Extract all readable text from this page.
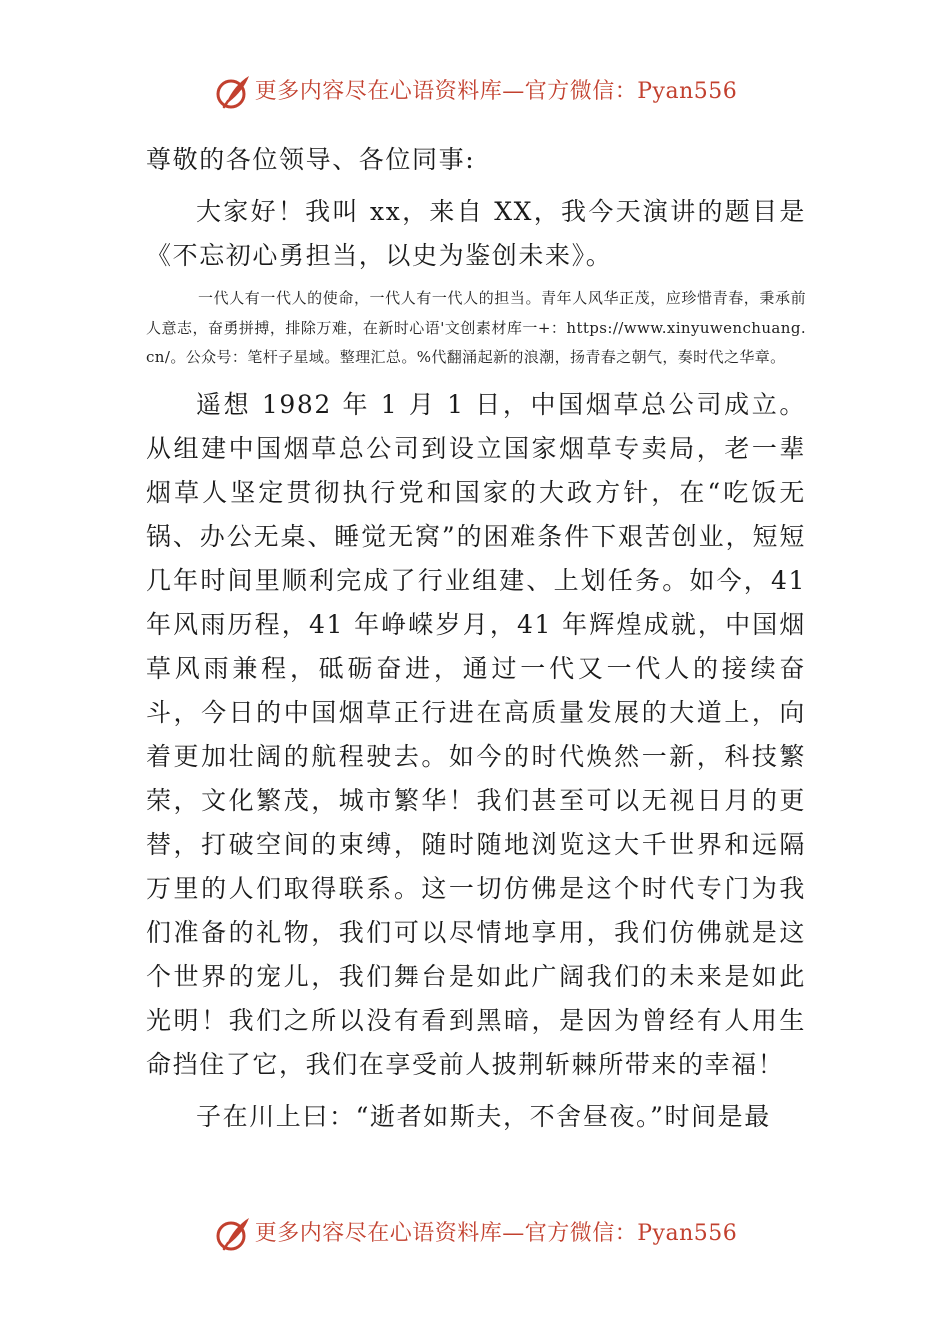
更多内容尽在心语资料库—官方微信：Pyan556

尊敬的各位领导、各位同事:

大家好！我叫 xx，来自 XX，我今天演讲的题目是《不忘初心勇担当，以史为鉴创未来》。

一代人有一代人的使命，一代人有一代人的担当。青年人风华正茂，应珍惜青春，秉承前人意志，奋勇拼搏，排除万难，在新时心语'文创素材库一+：https://www.xinyuwenchuang.cn/。公众号：笔杆子星域。整理汇总。%代翻涌起新的浪潮，扬青春之朝气，奏时代之华章。

遥想 1982 年 1 月 1 日，中国烟草总公司成立。从组建中国烟草总公司到设立国家烟草专卖局，老一辈烟草人坚定贯彻执行党和国家的大政方针，在“吃饭无锅、办公无桌、睡觉无窝”的困难条件下艰苦创业，短短几年时间里顺利完成了行业组建、上划任务。如今，41 年风雨历程，41 年峥嵘岁月，41 年辉煌成就，中国烟草风雨兼程，砥砺奋进，通过一代又一代人的接续奋斗，今日的中国烟草正行进在高质量发展的大道上，向着更加壮阔的航程驶去。如今的时代焕然一新，科技繁荣，文化繁茂，城市繁华！我们甚至可以无视日月的更替，打破空间的束缚，随时随地浏览这大千世界和远隔万里的人们取得联系。这一切仿佛是这个时代专门为我们准备的礼物，我们可以尽情地享用，我们仿佛就是这个世界的宠儿，我们舞台是如此广阔我们的未来是如此光明！我们之所以没有看到黑暗，是因为曾经有人用生命挡住了它，我们在享受前人披荆斩棘所带来的幸福！

子在川上曰：“逝者如斯夫，不舍昼夜。”时间是最

更多内容尽在心语资料库—官方微信：Pyan556
